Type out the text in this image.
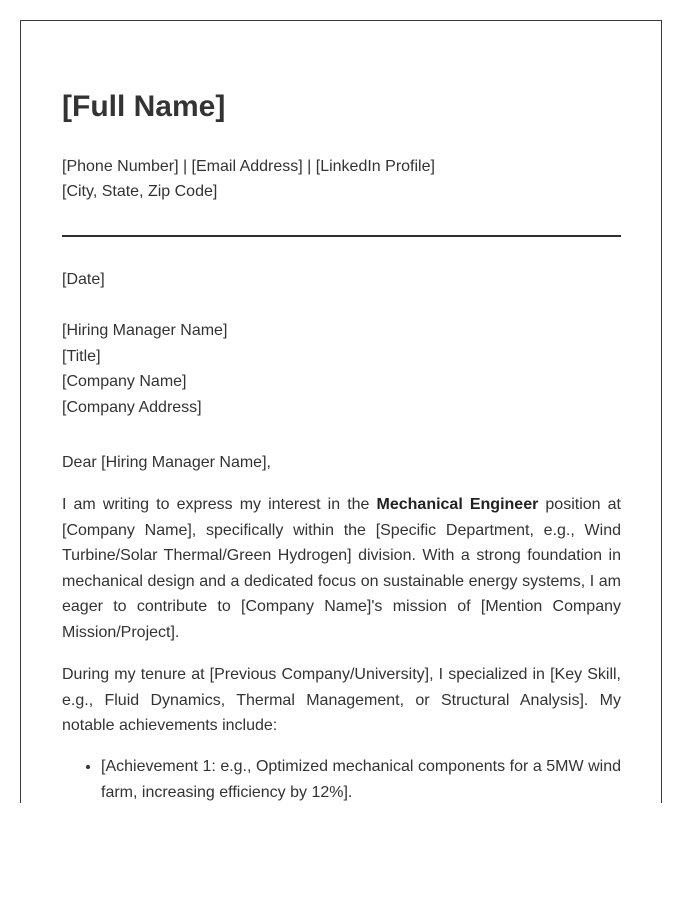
[Full Name]
[Phone Number] | [Email Address] | [LinkedIn Profile]
[City, State, Zip Code]
[Date]
[Hiring Manager Name]
[Title]
[Company Name]
[Company Address]
Dear [Hiring Manager Name],

I am writing to express my interest in the Mechanical Engineer position at [Company Name], specifically within the [Specific Department, e.g., Wind Turbine/Solar Thermal/Green Hydrogen] division. With a strong foundation in mechanical design and a dedicated focus on sustainable energy systems, I am eager to contribute to [Company Name]'s mission of [Mention Company Mission/Project].

During my tenure at [Previous Company/University], I specialized in [Key Skill, e.g., Fluid Dynamics, Thermal Management, or Structural Analysis]. My notable achievements include:

• [Achievement 1: e.g., Optimized mechanical components for a 5MW wind farm, increasing efficiency by 12%].
